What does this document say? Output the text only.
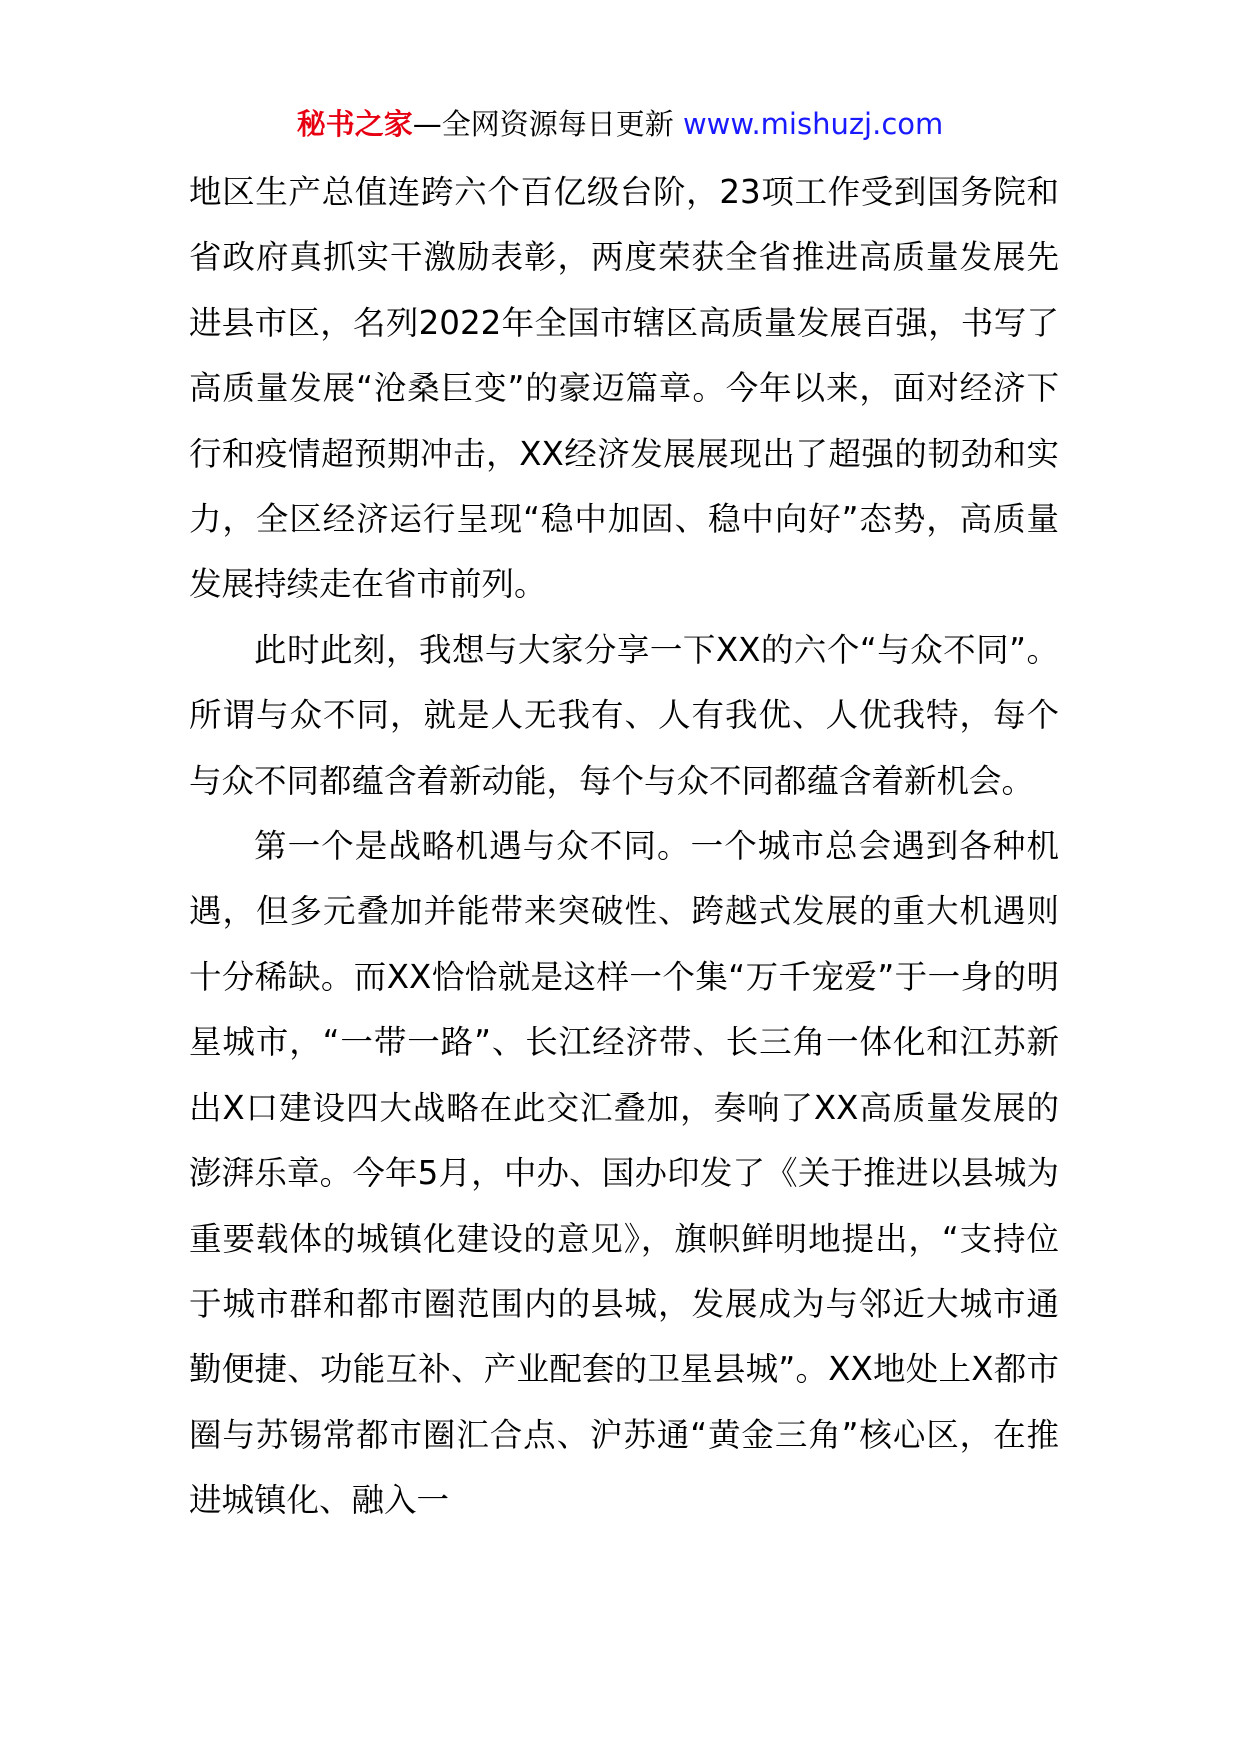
秘书之家—全网资源每日更新 www.mishuzj.com

地区生产总值连跨六个百亿级台阶，23项工作受到国务院和省政府真抓实干激励表彰，两度荣获全省推进高质量发展先进县市区，名列2022年全国市辖区高质量发展百强，书写了高质量发展“沧桑巨变”的豪迈篇章。今年以来，面对经济下行和疫情超预期冲击，XX经济发展展现出了超强的韧劲和实力，全区经济运行呈现“稳中加固、稳中向好”态势，高质量发展持续走在省市前列。

此时此刻，我想与大家分享一下XX的六个“与众不同”。所谓与众不同，就是人无我有、人有我优、人优我特，每个与众不同都蕴含着新动能，每个与众不同都蕴含着新机会。

第一个是战略机遇与众不同。一个城市总会遇到各种机遇，但多元叠加并能带来突破性、跨越式发展的重大机遇则十分稀缺。而XX恰恰就是这样一个集“万千宠爱”于一身的明星城市，“一带一路”、长江经济带、长三角一体化和江苏新出X口建设四大战略在此交汇叠加，奏响了XX高质量发展的澎湃乐章。今年5月，中办、国办印发了《关于推进以县城为重要载体的城镇化建设的意见》，旗帜鲜明地提出，“支持位于城市群和都市圈范围内的县城，发展成为与邻近大城市通勤便捷、功能互补、产业配套的卫星县城”。XX地处上X都市圈与苏锡常都市圈汇合点、沪苏通“黄金三角”核心区，在推进城镇化、融入一
